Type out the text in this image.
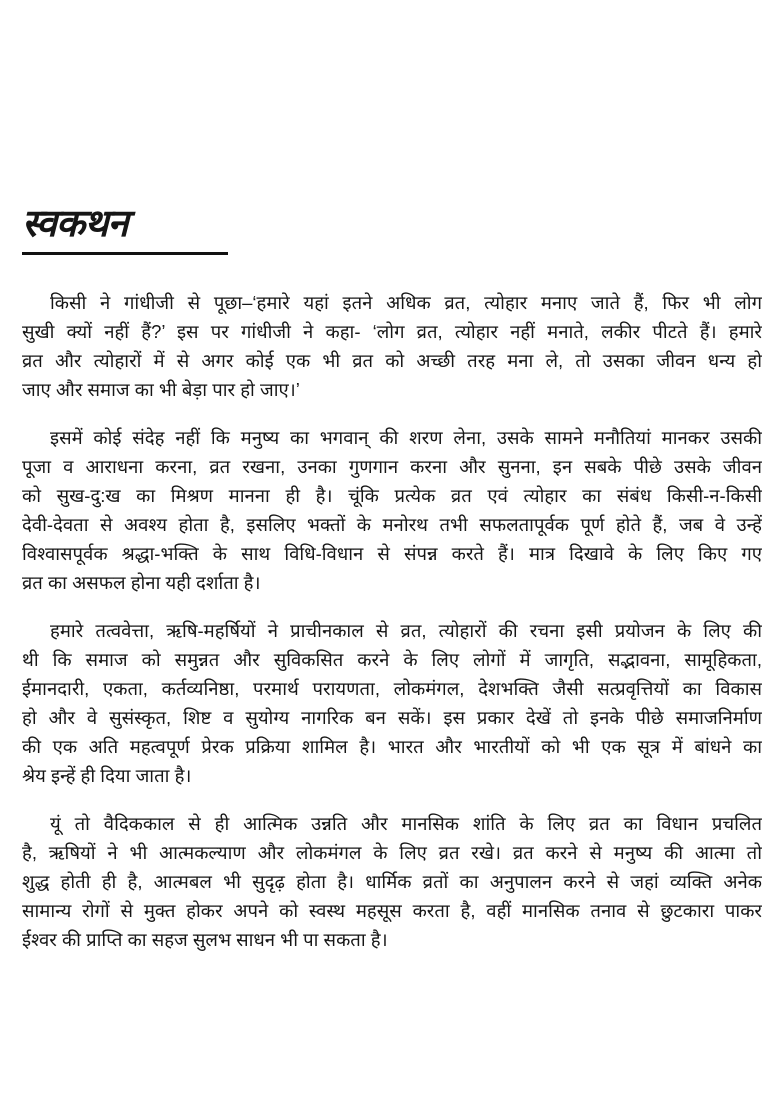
स्वकथन
किसी ने गांधीजी से पूछा–‘हमारे यहां इतने अधिक व्रत, त्योहार मनाए जाते हैं, फिर भी लोग
सुखी क्यों नहीं हैं?’ इस पर गांधीजी ने कहा- ‘लोग व्रत, त्योहार नहीं मनाते, लकीर पीटते हैं। हमारे
व्रत और त्योहारों में से अगर कोई एक भी व्रत को अच्छी तरह मना ले, तो उसका जीवन धन्य हो
जाए और समाज का भी बेड़ा पार हो जाए।’
इसमें कोई संदेह नहीं कि मनुष्य का भगवान् की शरण लेना, उसके सामने मनौतियां मानकर उसकी
पूजा व आराधना करना, व्रत रखना, उनका गुणगान करना और सुनना, इन सबके पीछे उसके जीवन
को सुख-दु:ख का मिश्रण मानना ही है। चूंकि प्रत्येक व्रत एवं त्योहार का संबंध किसी-न-किसी
देवी-देवता से अवश्य होता है, इसलिए भक्तों के मनोरथ तभी सफलतापूर्वक पूर्ण होते हैं, जब वे उन्हें
विश्वासपूर्वक श्रद्धा-भक्ति के साथ विधि-विधान से संपन्न करते हैं। मात्र दिखावे के लिए किए गए
व्रत का असफल होना यही दर्शाता है।
हमारे तत्ववेत्ता, ऋषि-महर्षियों ने प्राचीनकाल से व्रत, त्योहारों की रचना इसी प्रयोजन के लिए की
थी कि समाज को समुन्नत और सुविकसित करने के लिए लोगों में जागृति, सद्भावना, सामूहिकता,
ईमानदारी, एकता, कर्तव्यनिष्ठा, परमार्थ परायणता, लोकमंगल, देशभक्ति जैसी सत्प्रवृत्तियों का विकास
हो और वे सुसंस्कृत, शिष्ट व सुयोग्य नागरिक बन सकें। इस प्रकार देखें तो इनके पीछे समाजनिर्माण
की एक अति महत्वपूर्ण प्रेरक प्रक्रिया शामिल है। भारत और भारतीयों को भी एक सूत्र में बांधने का
श्रेय इन्हें ही दिया जाता है।
यूं तो वैदिककाल से ही आत्मिक उन्नति और मानसिक शांति के लिए व्रत का विधान प्रचलित
है, ऋषियों ने भी आत्मकल्याण और लोकमंगल के लिए व्रत रखे। व्रत करने से मनुष्य की आत्मा तो
शुद्ध होती ही है, आत्मबल भी सुदृढ़ होता है। धार्मिक व्रतों का अनुपालन करने से जहां व्यक्ति अनेक
सामान्य रोगों से मुक्त होकर अपने को स्वस्थ महसूस करता है, वहीं मानसिक तनाव से छुटकारा पाकर
ईश्वर की प्राप्ति का सहज सुलभ साधन भी पा सकता है।
